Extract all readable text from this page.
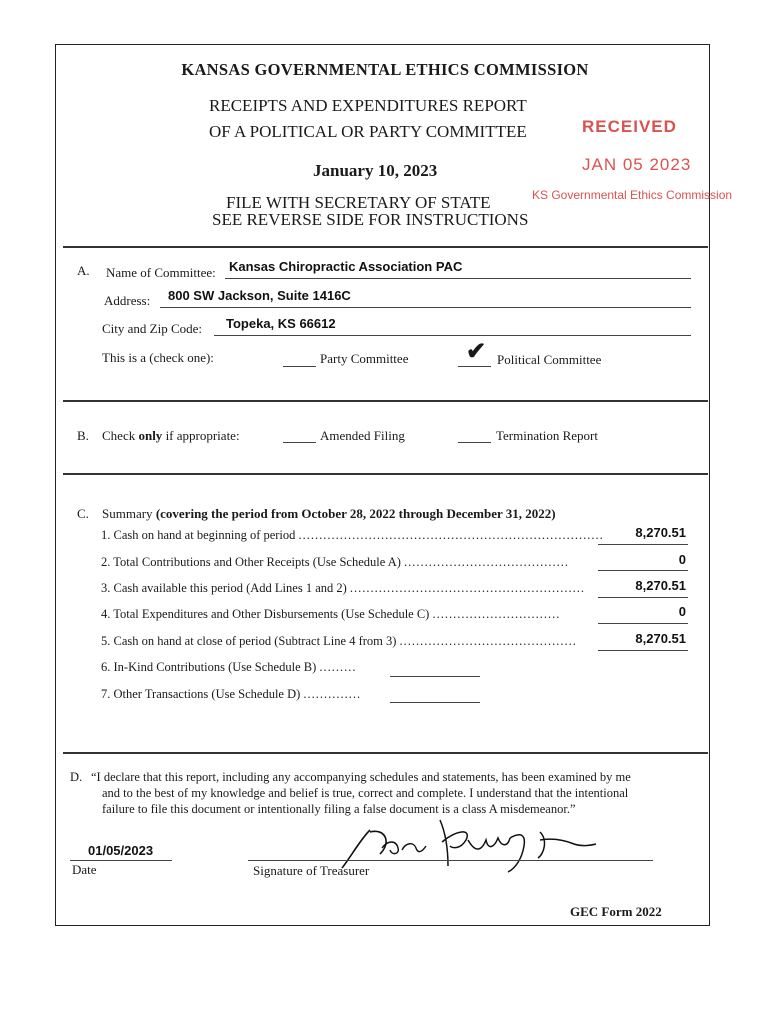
KANSAS GOVERNMENTAL ETHICS COMMISSION
RECEIPTS AND EXPENDITURES REPORT
OF A POLITICAL OR PARTY COMMITTEE
January 10, 2023
FILE WITH SECRETARY OF STATE
SEE REVERSE SIDE FOR INSTRUCTIONS
RECEIVED
JAN 05 2023
KS Governmental Ethics Commission
A. Name of Committee: Kansas Chiropractic Association PAC
Address: 800 SW Jackson, Suite 1416C
City and Zip Code: Topeka, KS 66612
This is a (check one):	Party Committee ✔ Political Committee
B. Check only if appropriate:	Amended Filing	Termination Report
C. Summary (covering the period from October 28, 2022 through December 31, 2022)
1. Cash on hand at beginning of period .......................................................................... 8,270.51
2. Total Contributions and Other Receipts (Use Schedule A) ........................................	0
3. Cash available this period (Add Lines 1 and 2) .........................................................	8,270.51
4. Total Expenditures and Other Disbursements (Use Schedule C) ...............................	0
5. Cash on hand at close of period (Subtract Line 4 from 3) ...........................................	8,270.51
6. In-Kind Contributions (Use Schedule B) .........
7. Other Transactions (Use Schedule D) ..............
D. “I declare that this report, including any accompanying schedules and statements, has been examined by me
and to the best of my knowledge and belief is true, correct and complete. I understand that the intentional
failure to file this document or intentionally filing a false document is a class A misdemeanor.”
01/05/2023
Date	Signature of Treasurer
GEC Form 2022
